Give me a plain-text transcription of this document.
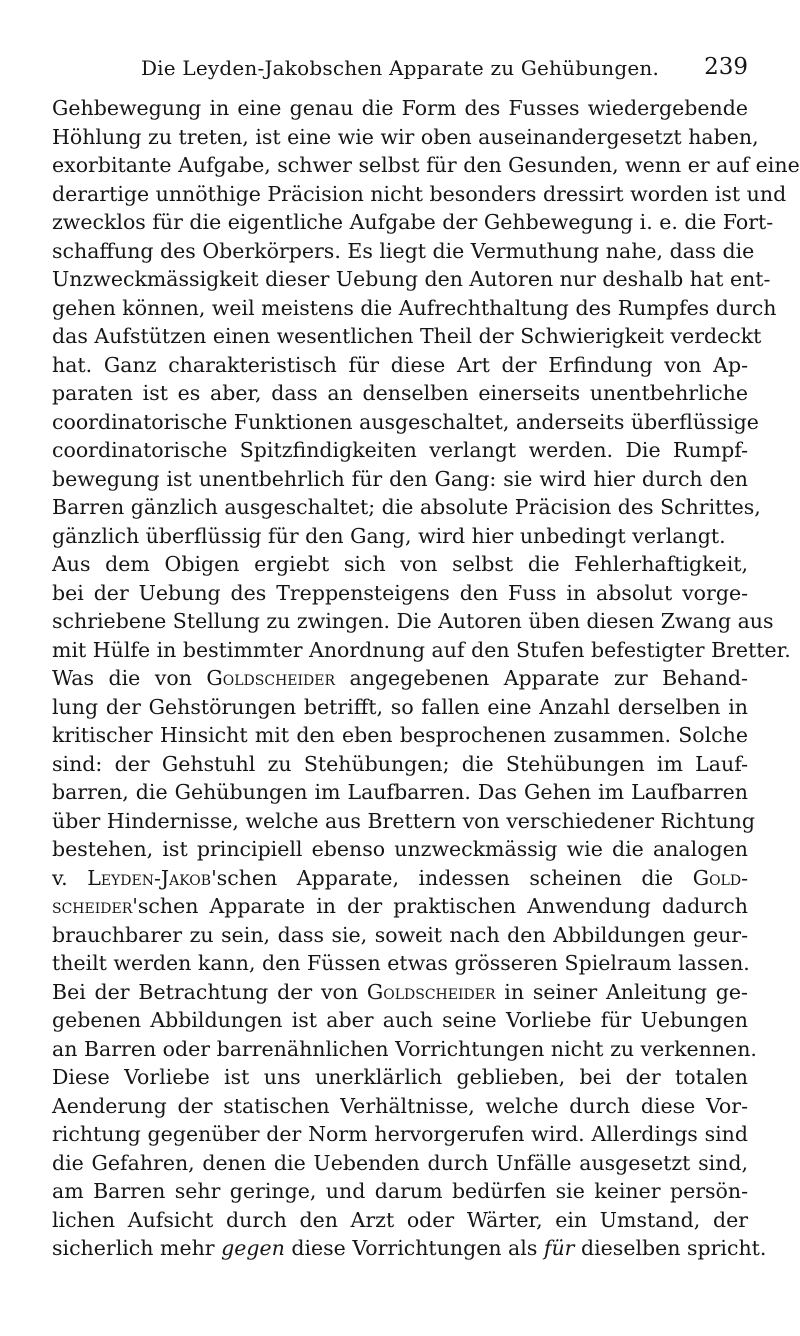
Die Leyden-Jakobschen Apparate zu Gehübungen.	239
Gehbewegung in eine genau die Form des Fusses wiedergebende
Höhlung zu treten, ist eine wie wir oben auseinandergesetzt haben,
exorbitante Aufgabe, schwer selbst für den Gesunden, wenn er auf eine
derartige unnöthige Präcision nicht besonders dressirt worden ist und
zwecklos für die eigentliche Aufgabe der Gehbewegung i. e. die Fort-
schaffung des Oberkörpers. Es liegt die Vermuthung nahe, dass die
Unzweckmässigkeit dieser Uebung den Autoren nur deshalb hat ent-
gehen können, weil meistens die Aufrechthaltung des Rumpfes durch
das Aufstützen einen wesentlichen Theil der Schwierigkeit verdeckt
hat. Ganz charakteristisch für diese Art der Erfindung von Ap-
paraten ist es aber, dass an denselben einerseits unentbehrliche
coordinatorische Funktionen ausgeschaltet, anderseits überflüssige
coordinatorische Spitzfindigkeiten verlangt werden. Die Rumpf-
bewegung ist unentbehrlich für den Gang: sie wird hier durch den
Barren gänzlich ausgeschaltet; die absolute Präcision des Schrittes,
gänzlich überflüssig für den Gang, wird hier unbedingt verlangt.
Aus dem Obigen ergiebt sich von selbst die Fehlerhaftigkeit,
bei der Uebung des Treppensteigens den Fuss in absolut vorge-
schriebene Stellung zu zwingen. Die Autoren üben diesen Zwang aus
mit Hülfe in bestimmter Anordnung auf den Stufen befestigter Bretter.
Was die von Goldscheider angegebenen Apparate zur Behand-
lung der Gehstörungen betrifft, so fallen eine Anzahl derselben in
kritischer Hinsicht mit den eben besprochenen zusammen. Solche
sind: der Gehstuhl zu Stehübungen; die Stehübungen im Lauf-
barren, die Gehübungen im Laufbarren. Das Gehen im Laufbarren
über Hindernisse, welche aus Brettern von verschiedener Richtung
bestehen, ist principiell ebenso unzweckmässig wie die analogen
v. Leyden-Jakob'schen Apparate, indessen scheinen die Gold-
scheider'schen Apparate in der praktischen Anwendung dadurch
brauchbarer zu sein, dass sie, soweit nach den Abbildungen geur-
theilt werden kann, den Füssen etwas grösseren Spielraum lassen.
Bei der Betrachtung der von Goldscheider in seiner Anleitung ge-
gebenen Abbildungen ist aber auch seine Vorliebe für Uebungen
an Barren oder barrenähnlichen Vorrichtungen nicht zu verkennen.
Diese Vorliebe ist uns unerklärlich geblieben, bei der totalen
Aenderung der statischen Verhältnisse, welche durch diese Vor-
richtung gegenüber der Norm hervorgerufen wird. Allerdings sind
die Gefahren, denen die Uebenden durch Unfälle ausgesetzt sind,
am Barren sehr geringe, und darum bedürfen sie keiner persön-
lichen Aufsicht durch den Arzt oder Wärter, ein Umstand, der
sicherlich mehr gegen diese Vorrichtungen als für dieselben spricht.
